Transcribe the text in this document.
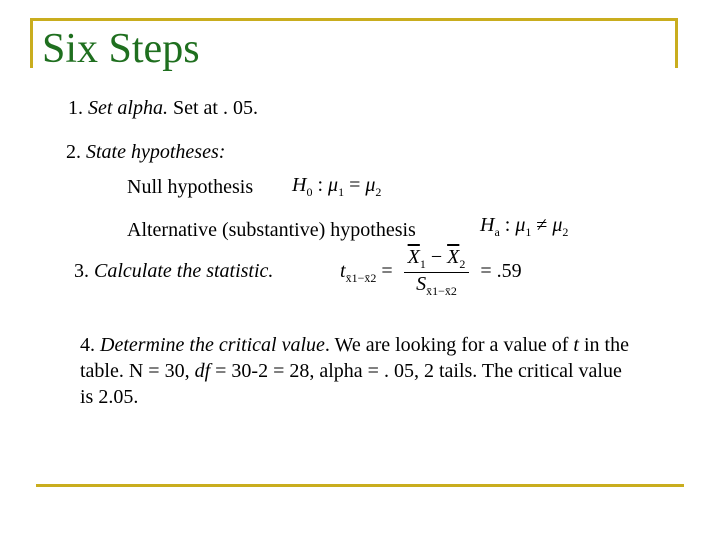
Six Steps
1. Set alpha. Set at . 05.
2. State hypotheses:
Null hypothesis $H_0$ : $\mu_1 = \mu_2$
Alternative (substantive) hypothesis	$H_a$ : $\mu_1 \ne \mu_2$
3. Calculate the statistic.	$t_{x̄1-x̄2} = \frac{\overline{X}_1 - \overline{X}_2}{S_{x̄1-x̄2}} = .59$
4. Determine the critical value. We are looking for a value of t in the table. N = 30, df = 30-2 = 28, alpha = . 05, 2 tails. The critical value is 2.05.
